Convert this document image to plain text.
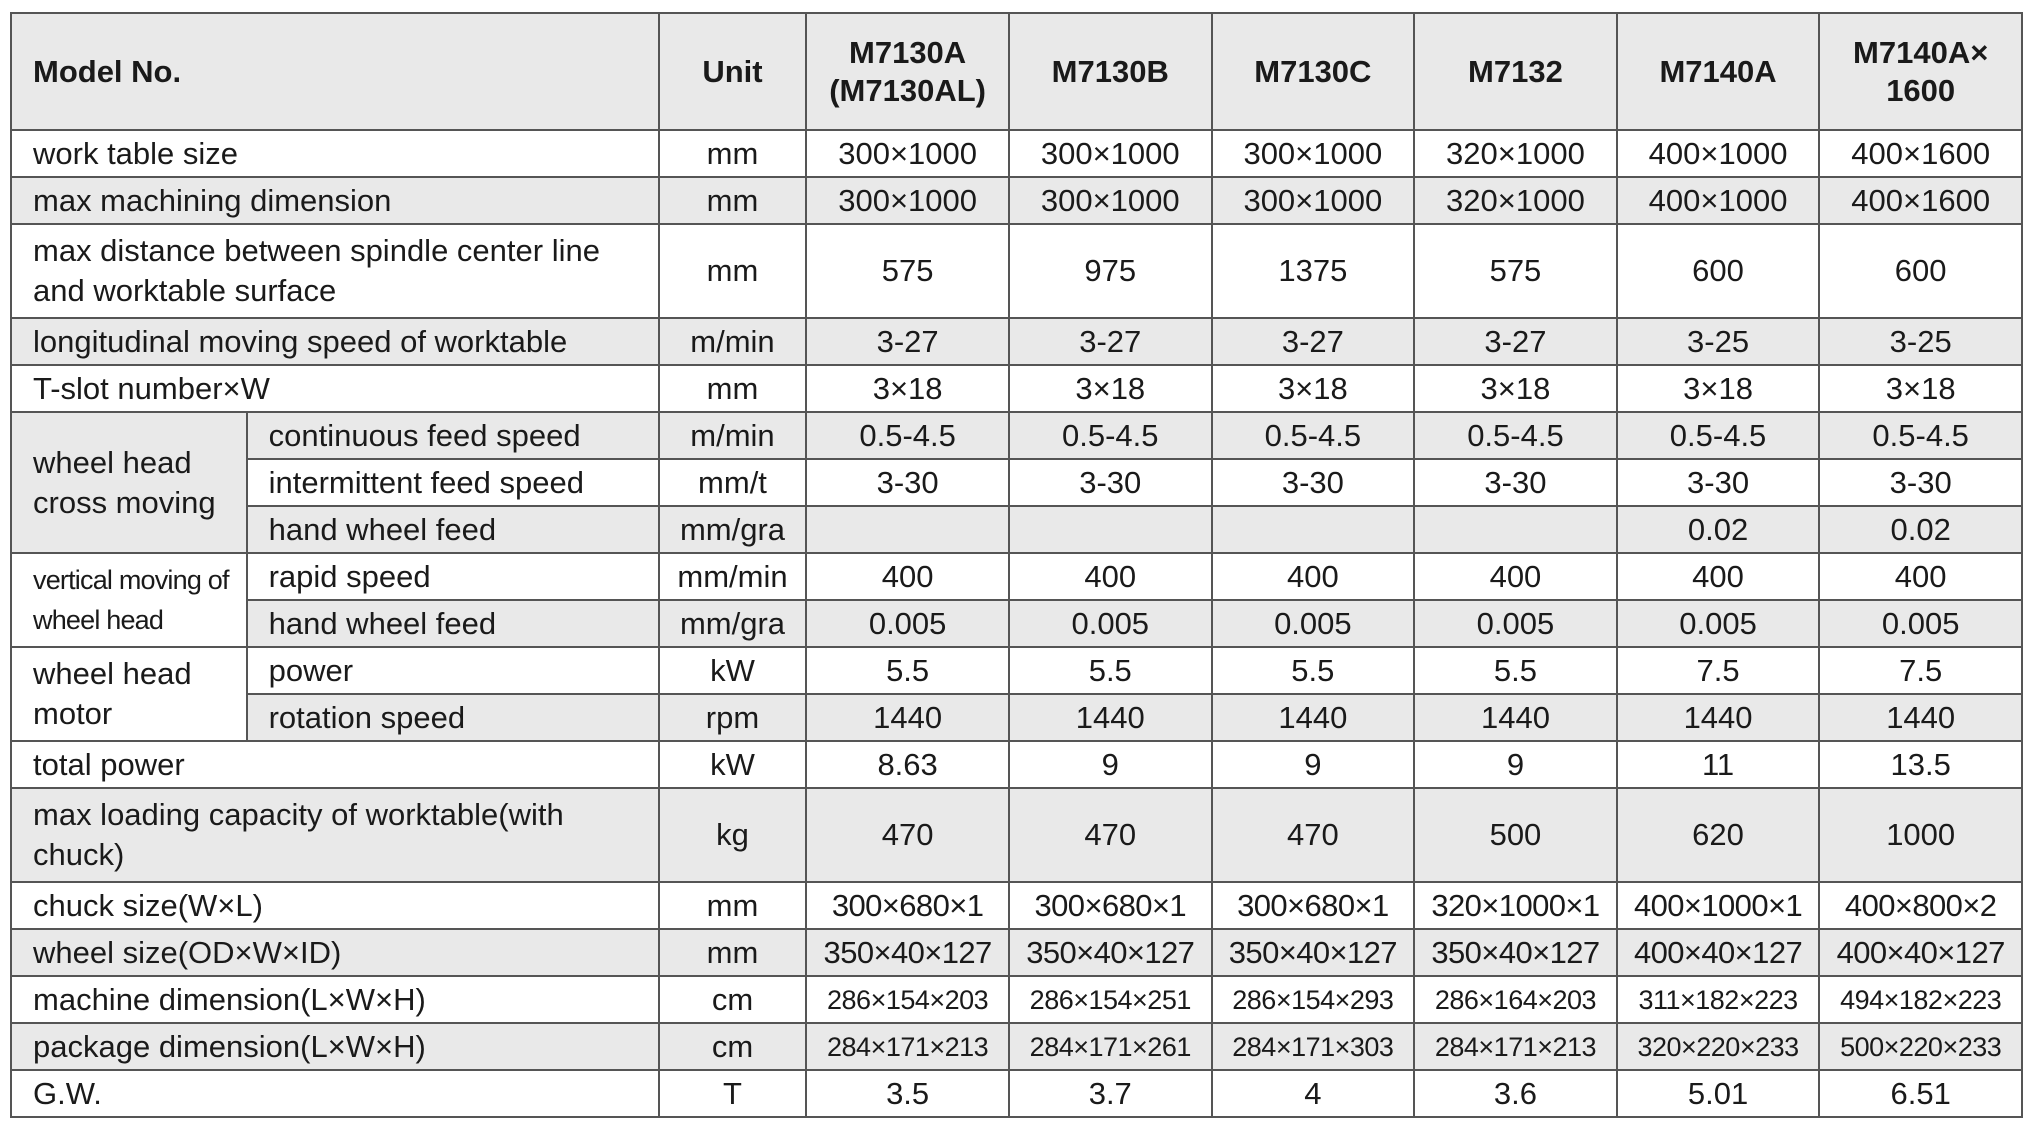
Model No.		Unit	M7130A (M7130AL)	M7130B	M7130C	M7132	M7140A	M7140A× 1600
work table size		mm	300×1000	300×1000	300×1000	320×1000	400×1000	400×1600
max machining dimension		mm	300×1000	300×1000	300×1000	320×1000	400×1000	400×1600
max distance between spindle center line and worktable surface		mm	575	975	1375	575	600	600
longitudinal moving speed of worktable		m/min	3-27	3-27	3-27	3-27	3-25	3-25
T-slot number×W		mm	3×18	3×18	3×18	3×18	3×18	3×18
wheel head cross moving	continuous feed speed	m/min	0.5-4.5	0.5-4.5	0.5-4.5	0.5-4.5	0.5-4.5	0.5-4.5
	intermittent feed speed	mm/t	3-30	3-30	3-30	3-30	3-30	3-30
	hand wheel feed	mm/gra					0.02	0.02
vertical moving of wheel head	rapid speed	mm/min	400	400	400	400	400	400
	hand wheel feed	mm/gra	0.005	0.005	0.005	0.005	0.005	0.005
wheel head motor	power	kW	5.5	5.5	5.5	5.5	7.5	7.5
	rotation speed	rpm	1440	1440	1440	1440	1440	1440
total power		kW	8.63	9	9	9	11	13.5
max loading capacity of worktable(with chuck)		kg	470	470	470	500	620	1000
chuck size(W×L)		mm	300×680×1	300×680×1	300×680×1	320×1000×1	400×1000×1	400×800×2
wheel size(OD×W×ID)		mm	350×40×127	350×40×127	350×40×127	350×40×127	400×40×127	400×40×127
machine dimension(L×W×H)		cm	286×154×203	286×154×251	286×154×293	286×164×203	311×182×223	494×182×223
package dimension(L×W×H)		cm	284×171×213	284×171×261	284×171×303	284×171×213	320×220×233	500×220×233
G.W.		T	3.5	3.7	4	3.6	5.01	6.51
